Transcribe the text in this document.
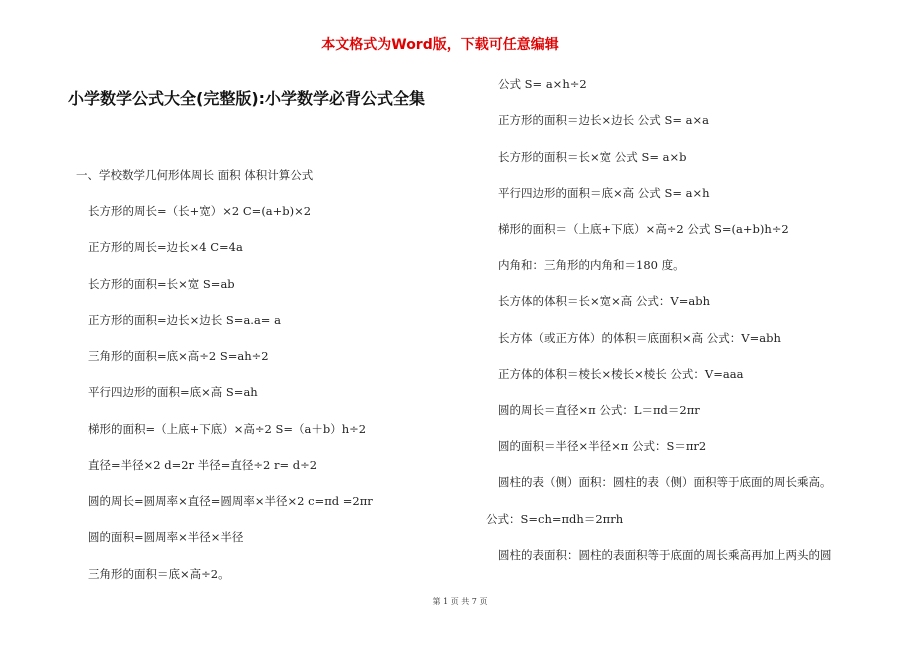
本文格式为Word版，下载可任意编辑
小学数学公式大全(完整版):小学数学必背公式全集
一、学校数学几何形体周长 面积 体积计算公式
长方形的周长=（长+宽）×2 C=(a+b)×2
正方形的周长=边长×4 C=4a
长方形的面积=长×宽 S=ab
正方形的面积=边长×边长 S=a.a= a
三角形的面积=底×高÷2 S=ah÷2
平行四边形的面积=底×高 S=ah
梯形的面积=（上底+下底）×高÷2 S=（a＋b）h÷2
直径=半径×2 d=2r 半径=直径÷2 r= d÷2
圆的周长=圆周率×直径=圆周率×半径×2 c=πd =2πr
圆的面积=圆周率×半径×半径
三角形的面积＝底×高÷2。
公式 S= a×h÷2
正方形的面积＝边长×边长 公式 S= a×a
长方形的面积＝长×宽 公式 S= a×b
平行四边形的面积＝底×高 公式 S= a×h
梯形的面积＝（上底+下底）×高÷2 公式 S=(a+b)h÷2
内角和：三角形的内角和＝180 度。
长方体的体积＝长×宽×高 公式：V=abh
长方体（或正方体）的体积＝底面积×高 公式：V=abh
正方体的体积＝棱长×棱长×棱长 公式：V=aaa
圆的周长＝直径×π 公式：L＝πd＝2πr
圆的面积＝半径×半径×π 公式：S＝πr2
圆柱的表（侧）面积：圆柱的表（侧）面积等于底面的周长乘高。
公式：S=ch=πdh＝2πrh
圆柱的表面积：圆柱的表面积等于底面的周长乘高再加上两头的圆
第 1 页 共 7 页
